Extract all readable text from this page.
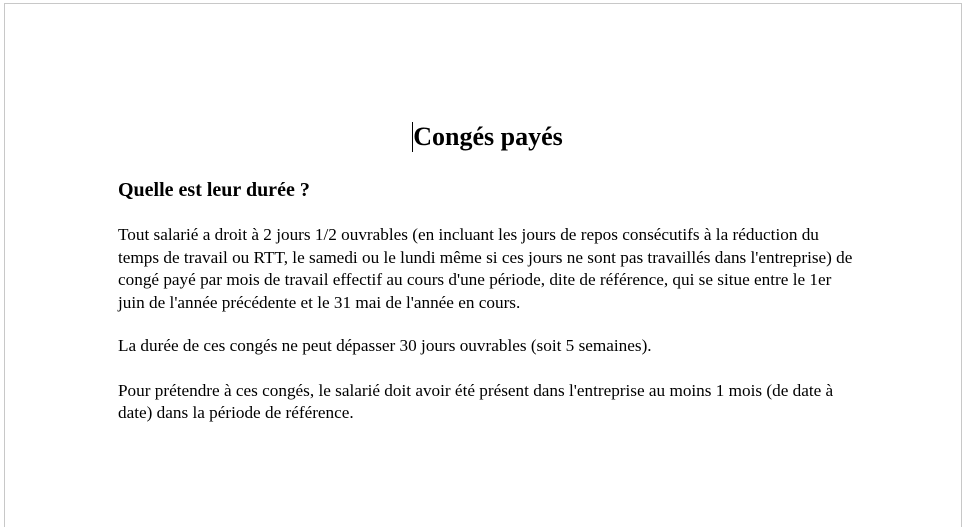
Congés payés
Quelle est leur durée ?

Tout salarié a droit à 2 jours 1/2 ouvrables (en incluant les jours de repos consécutifs à la réduction du temps de travail ou RTT, le samedi ou le lundi même si ces jours ne sont pas travaillés dans l'entreprise) de congé payé par mois de travail effectif au cours d'une période, dite de référence, qui se situe entre le 1er juin de l'année précédente et le 31 mai de l'année en cours.

La durée de ces congés ne peut dépasser 30 jours ouvrables (soit 5 semaines).

Pour prétendre à ces congés, le salarié doit avoir été présent dans l'entreprise au moins 1 mois (de date à date) dans la période de référence.
